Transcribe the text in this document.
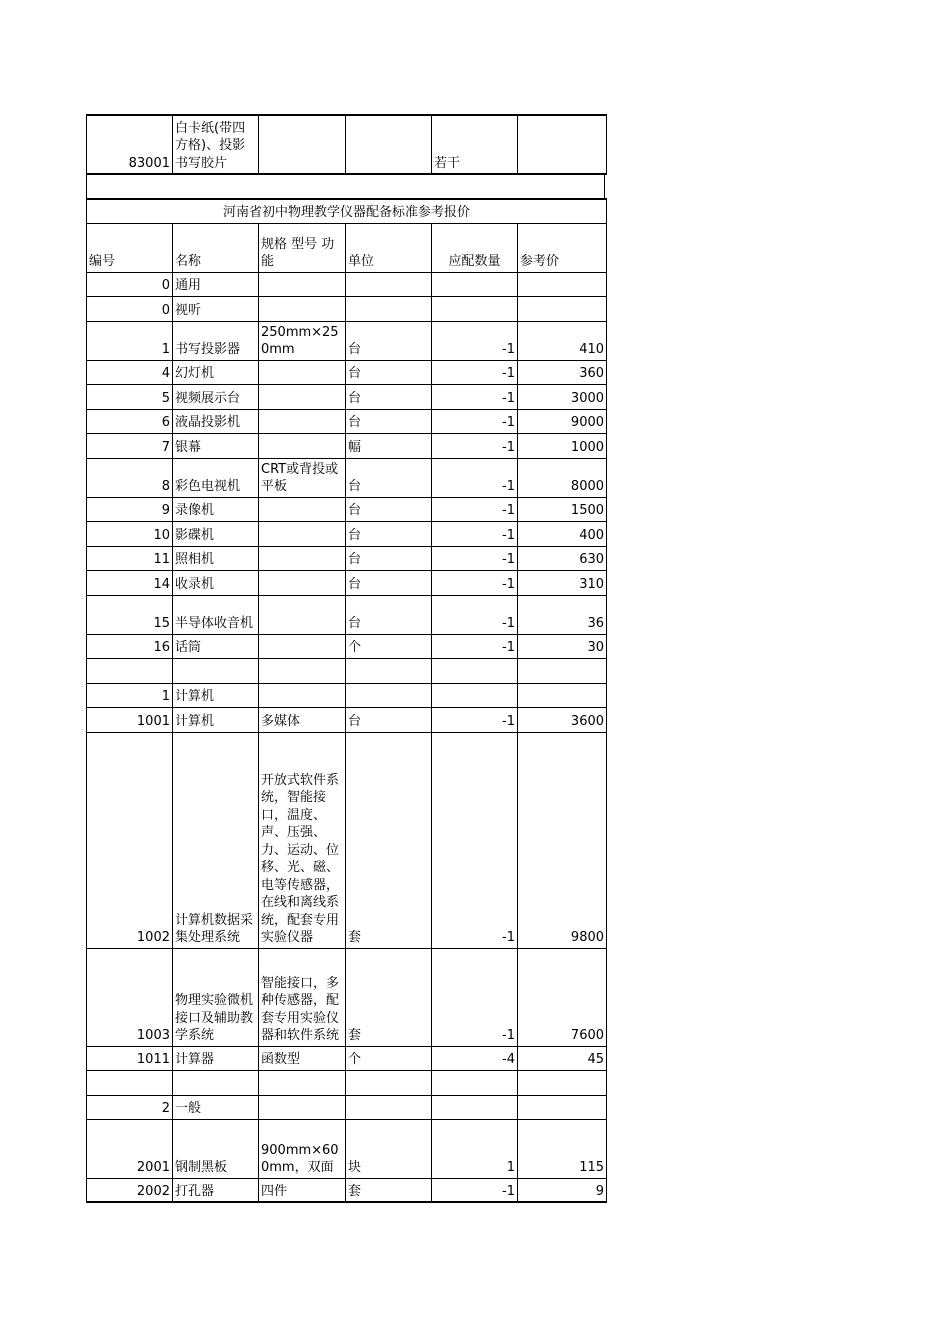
83001	白卡纸(带四方格)、投影书写胶片			若干	
河南省初中物理教学仪器配备标准参考报价					
编号	名称	规格 型号 功能	单位	应配数量	参考价
0	通用				
0	视听				
1	书写投影器	250mm×250mm	台	-1	410
4	幻灯机		台	-1	360
5	视频展示台		台	-1	3000
6	液晶投影机		台	-1	9000
7	银幕		幅	-1	1000
8	彩色电视机	CRT或背投或平板	台	-1	8000
9	录像机		台	-1	1500
10	影碟机		台	-1	400
11	照相机		台	-1	630
14	收录机		台	-1	310
15	半导体收音机		台	-1	36
16	话筒		个	-1	30

1	计算机				
1001	计算机	多媒体	台	-1	3600
1002	计算机数据采集处理系统	开放式软件系统，智能接口，温度、声、压强、力、运动、位移、光、磁、电等传感器，在线和离线系统，配套专用实验仪器	套	-1	9800
1003	物理实验微机接口及辅助教学系统	智能接口，多种传感器，配套专用实验仪器和软件系统	套	-1	7600
1011	计算器	函数型	个	-4	45

2	一般				
2001	钢制黑板	900mm×600mm，双面	块	1	115
2002	打孔器	四件	套	-1	9
